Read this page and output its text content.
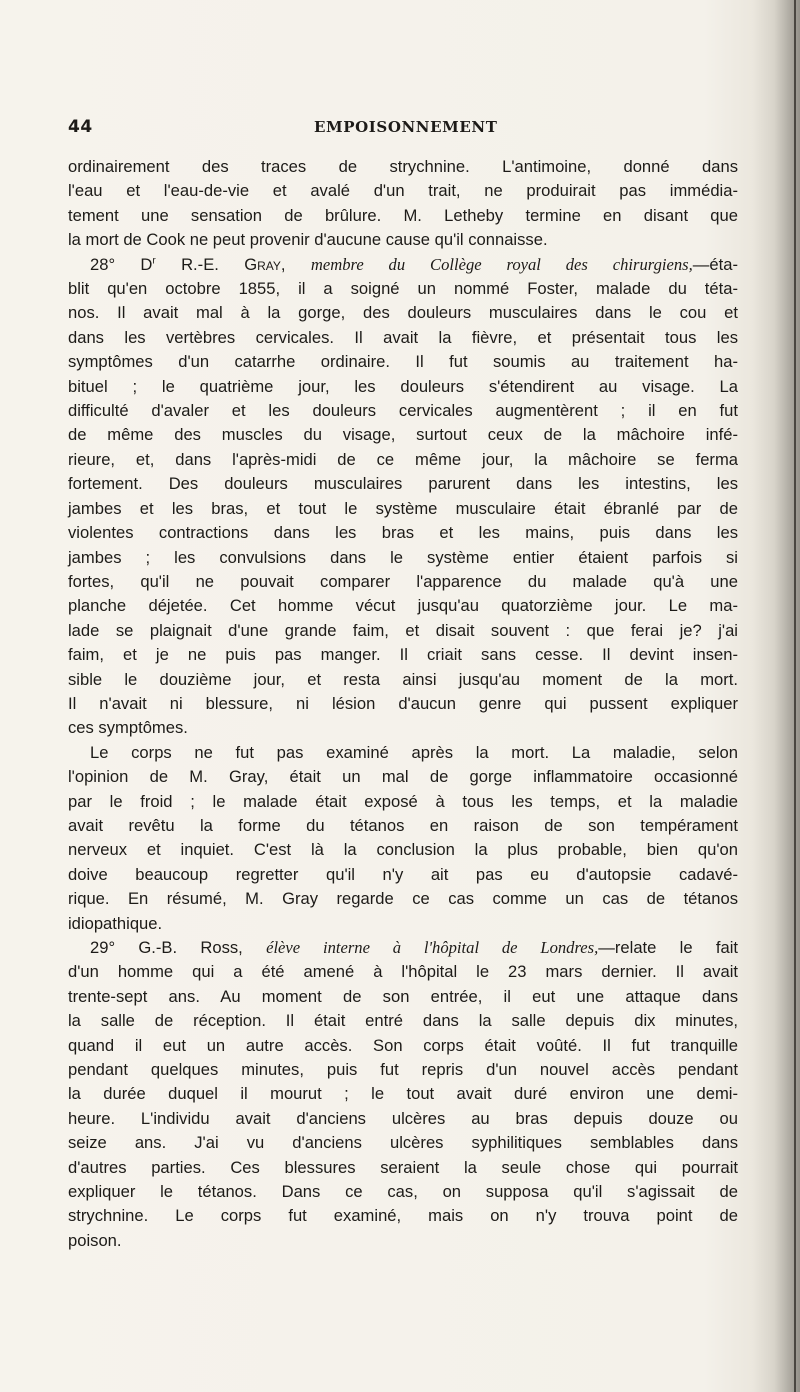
44	EMPOISONNEMENT
ordinairement des traces de strychnine. L'antimoine, donné dans
l'eau et l'eau-de-vie et avalé d'un trait, ne produirait pas immédia-
tement une sensation de brûlure. M. Letheby termine en disant que
la mort de Cook ne peut provenir d'aucune cause qu'il connaisse.
28° $D^r$ R.-E. Gray, membre du Collège royal des chirurgiens,—éta-
blit qu'en octobre 1855, il a soigné un nommé Foster, malade du téta-
nos. Il avait mal à la gorge, des douleurs musculaires dans le cou et
dans les vertèbres cervicales. Il avait la fièvre, et présentait tous les
symptômes d'un catarrhe ordinaire. Il fut soumis au traitement ha-
bituel ; le quatrième jour, les douleurs s'étendirent au visage. La
difficulté d'avaler et les douleurs cervicales augmentèrent ; il en fut
de même des muscles du visage, surtout ceux de la mâchoire infé-
rieure, et, dans l'après-midi de ce même jour, la mâchoire se ferma
fortement. Des douleurs musculaires parurent dans les intestins, les
jambes et les bras, et tout le système musculaire était ébranlé par de
violentes contractions dans les bras et les mains, puis dans les
jambes ; les convulsions dans le système entier étaient parfois si
fortes, qu'il ne pouvait comparer l'apparence du malade qu'à une
planche déjetée. Cet homme vécut jusqu'au quatorzième jour. Le ma-
lade se plaignait d'une grande faim, et disait souvent : que ferai je? j'ai
faim, et je ne puis pas manger. Il criait sans cesse. Il devint insen-
sible le douzième jour, et resta ainsi jusqu'au moment de la mort.
Il n'avait ni blessure, ni lésion d'aucun genre qui pussent expliquer
ces symptômes.
Le corps ne fut pas examiné après la mort. La maladie, selon
l'opinion de M. Gray, était un mal de gorge inflammatoire occasionné
par le froid ; le malade était exposé à tous les temps, et la maladie
avait revêtu la forme du tétanos en raison de son tempérament
nerveux et inquiet. C'est là la conclusion la plus probable, bien qu'on
doive beaucoup regretter qu'il n'y ait pas eu d'autopsie cadavé-
rique. En résumé, M. Gray regarde ce cas comme un cas de tétanos
idiopathique.
29° G.-B. Ross, élève interne à l'hôpital de Londres,—relate le fait
d'un homme qui a été amené à l'hôpital le 23 mars dernier. Il avait
trente-sept ans. Au moment de son entrée, il eut une attaque dans
la salle de réception. Il était entré dans la salle depuis dix minutes,
quand il eut un autre accès. Son corps était voûté. Il fut tranquille
pendant quelques minutes, puis fut repris d'un nouvel accès pendant
la durée duquel il mourut ; le tout avait duré environ une demi-
heure. L'individu avait d'anciens ulcères au bras depuis douze ou
seize ans. J'ai vu d'anciens ulcères syphilitiques semblables dans
d'autres parties. Ces blessures seraient la seule chose qui pourrait
expliquer le tétanos. Dans ce cas, on supposa qu'il s'agissait de
strychnine. Le corps fut examiné, mais on n'y trouva point de
poison.
